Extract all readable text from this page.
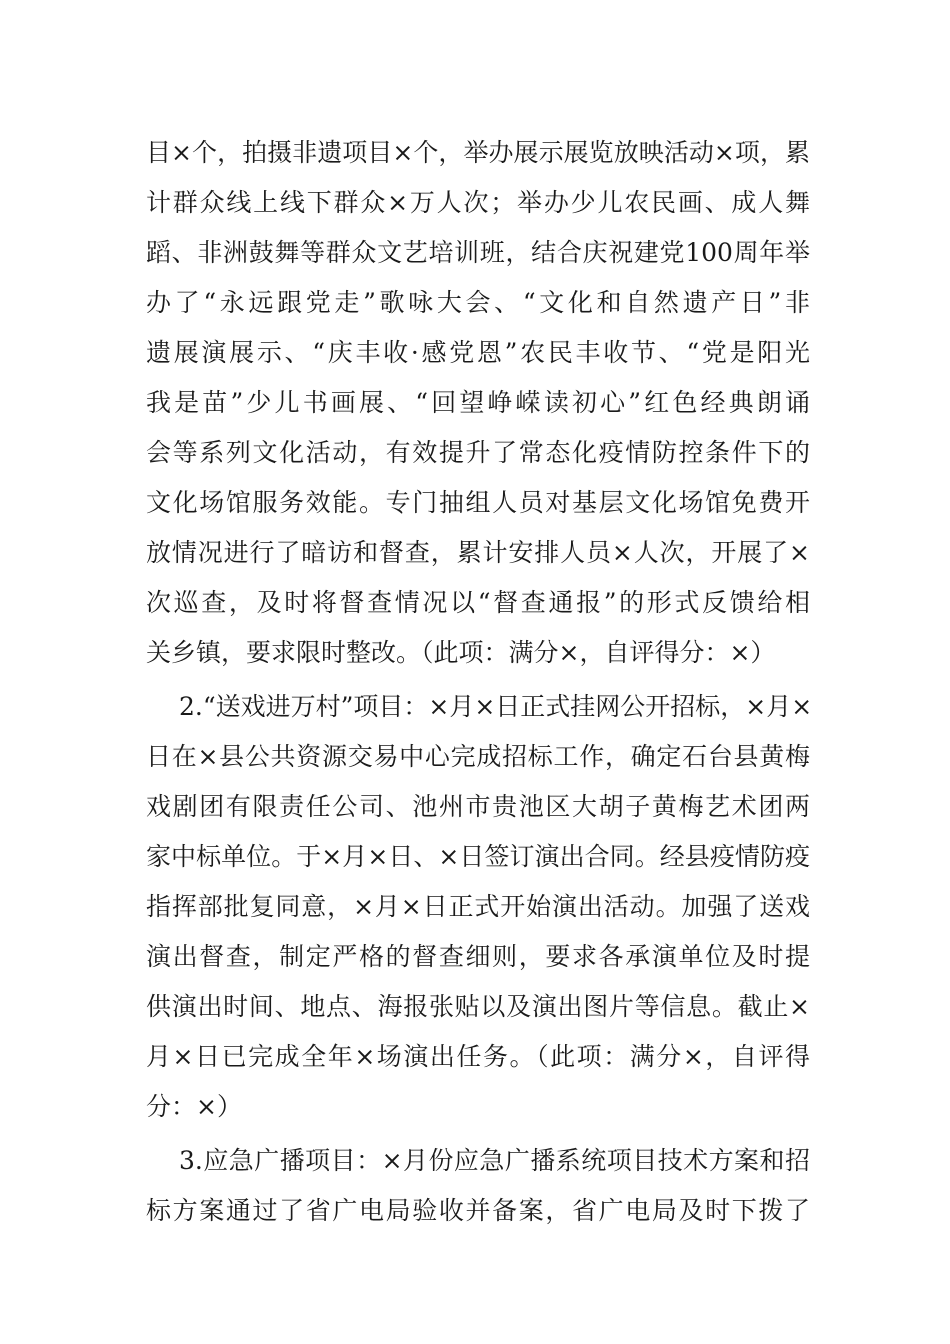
目×个，拍摄非遗项目×个，举办展示展览放映活动×项，累
计群众线上线下群众×万人次；举办少儿农民画、成人舞
蹈、非洲鼓舞等群众文艺培训班，结合庆祝建党100周年举
办了“永远跟党走”歌咏大会、“文化和自然遗产日”非
遗展演展示、“庆丰收·感党恩”农民丰收节、“党是阳光
我是苗”少儿书画展、“回望峥嵘读初心”红色经典朗诵
会等系列文化活动，有效提升了常态化疫情防控条件下的
文化场馆服务效能。专门抽组人员对基层文化场馆免费开
放情况进行了暗访和督查，累计安排人员×人次，开展了×
次巡查，及时将督查情况以“督查通报”的形式反馈给相
关乡镇，要求限时整改。（此项：满分×，自评得分：×）
2.“送戏进万村”项目：×月×日正式挂网公开招标，×月×
日在×县公共资源交易中心完成招标工作，确定石台县黄梅
戏剧团有限责任公司、池州市贵池区大胡子黄梅艺术团两
家中标单位。于×月×日、×日签订演出合同。经县疫情防疫
指挥部批复同意，×月×日正式开始演出活动。加强了送戏
演出督查，制定严格的督查细则，要求各承演单位及时提
供演出时间、地点、海报张贴以及演出图片等信息。截止×
月×日已完成全年×场演出任务。（此项：满分×，自评得
分：×）
3.应急广播项目：×月份应急广播系统项目技术方案和招
标方案通过了省广电局验收并备案，省广电局及时下拨了
